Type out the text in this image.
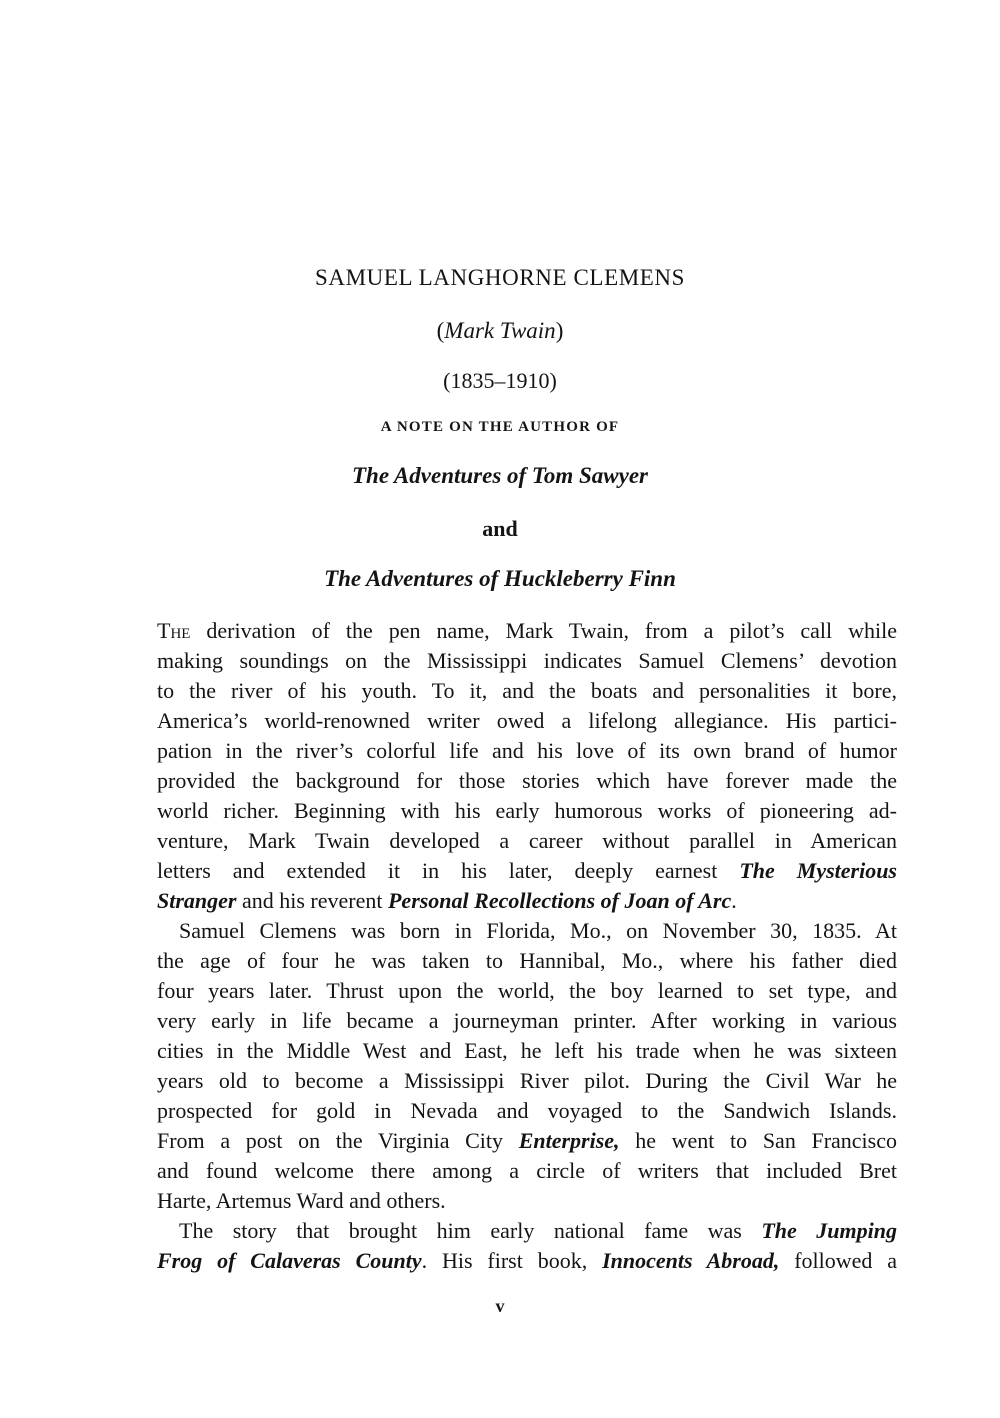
SAMUEL LANGHORNE CLEMENS
(Mark Twain)
(1835–1910)
A NOTE ON THE AUTHOR OF
The Adventures of Tom Sawyer
and
The Adventures of Huckleberry Finn
The derivation of the pen name, Mark Twain, from a pilot’s call while
making soundings on the Mississippi indicates Samuel Clemens’ devotion
to the river of his youth. To it, and the boats and personalities it bore,
America’s world-renowned writer owed a lifelong allegiance. His partici-
pation in the river’s colorful life and his love of its own brand of humor
provided the background for those stories which have forever made the
world richer. Beginning with his early humorous works of pioneering ad-
venture, Mark Twain developed a career without parallel in American
letters and extended it in his later, deeply earnest The Mysterious
Stranger and his reverent Personal Recollections of Joan of Arc.
Samuel Clemens was born in Florida, Mo., on November 30, 1835. At
the age of four he was taken to Hannibal, Mo., where his father died
four years later. Thrust upon the world, the boy learned to set type, and
very early in life became a journeyman printer. After working in various
cities in the Middle West and East, he left his trade when he was sixteen
years old to become a Mississippi River pilot. During the Civil War he
prospected for gold in Nevada and voyaged to the Sandwich Islands.
From a post on the Virginia City Enterprise, he went to San Francisco
and found welcome there among a circle of writers that included Bret
Harte, Artemus Ward and others.
The story that brought him early national fame was The Jumping
Frog of Calaveras County. His first book, Innocents Abroad, followed a
v
